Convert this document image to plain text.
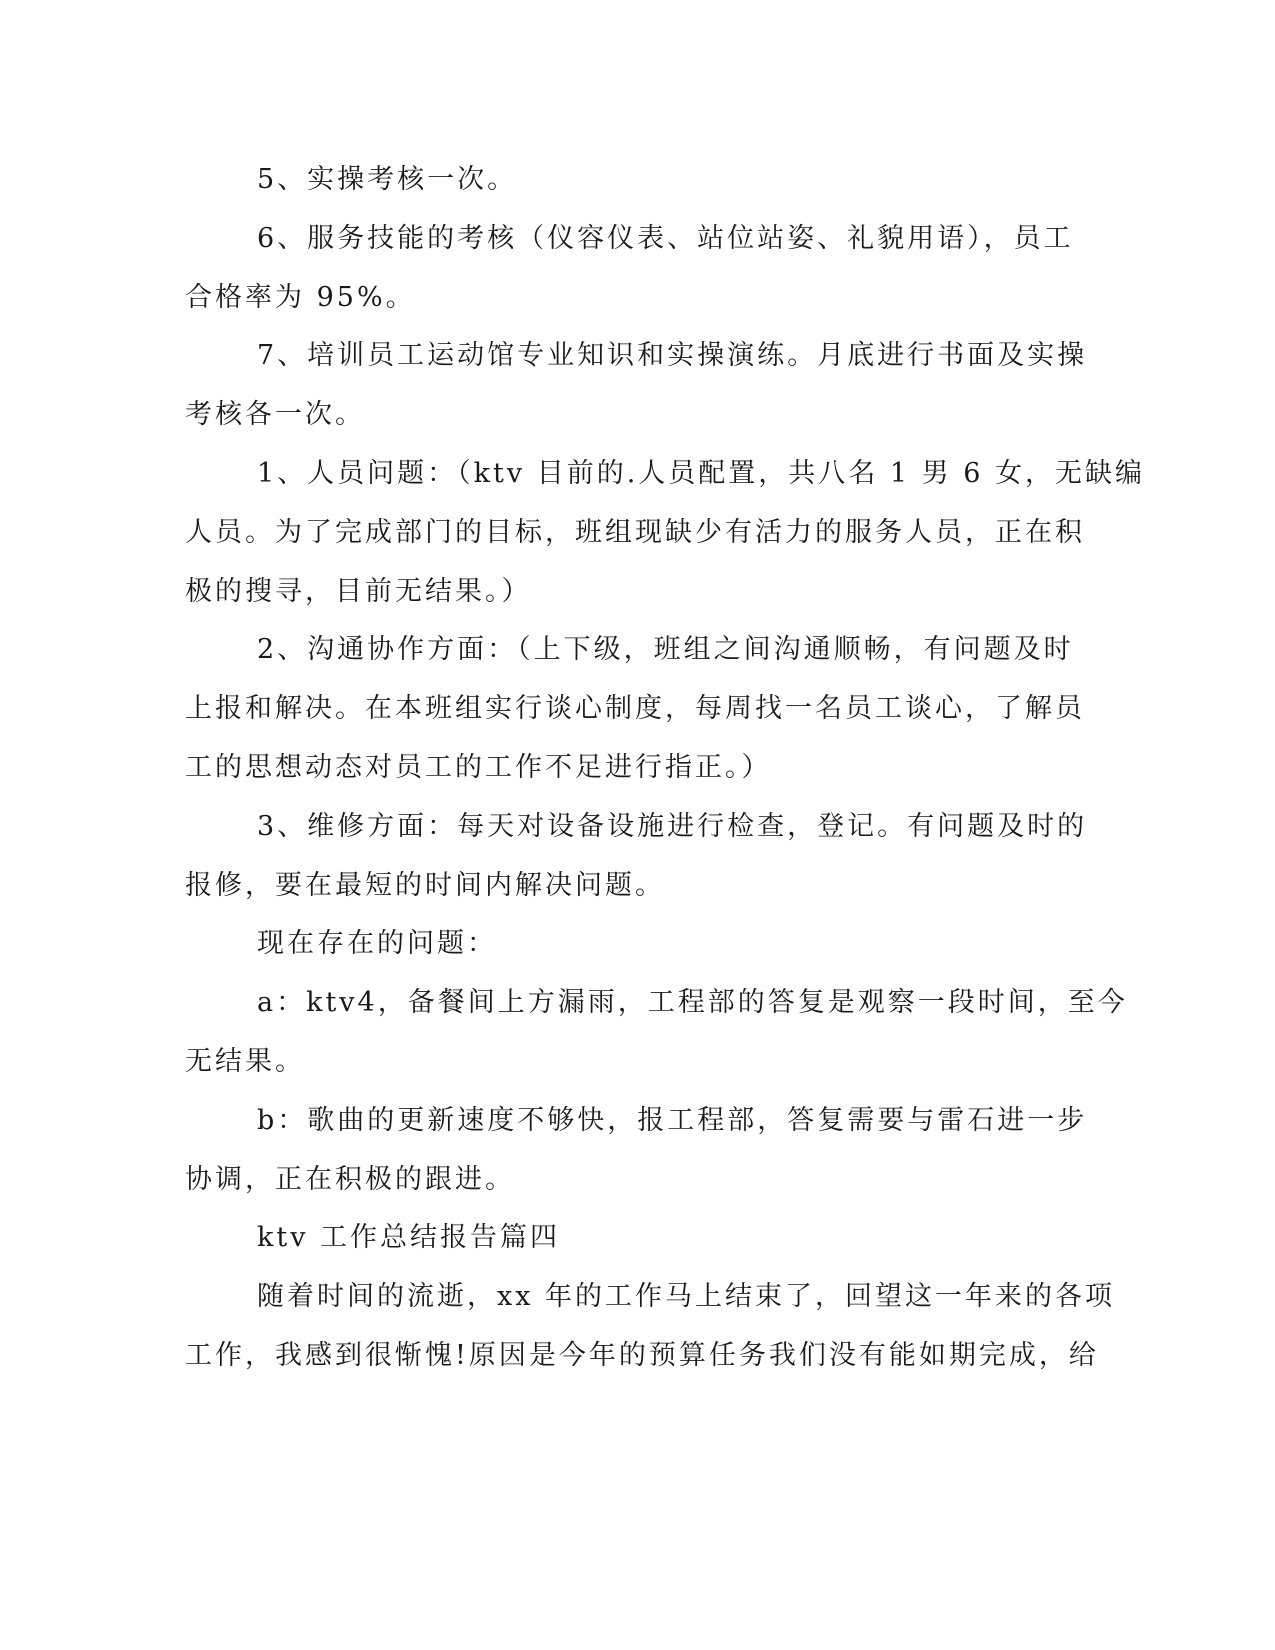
5、实操考核一次。
6、服务技能的考核（仪容仪表、站位站姿、礼貌用语），员工
合格率为 95%。
7、培训员工运动馆专业知识和实操演练。月底进行书面及实操
考核各一次。
1、人员问题：（ktv 目前的.人员配置，共八名 1 男 6 女，无缺编
人员。为了完成部门的目标，班组现缺少有活力的服务人员，正在积
极的搜寻，目前无结果。）
2、沟通协作方面：（上下级，班组之间沟通顺畅，有问题及时
上报和解决。在本班组实行谈心制度，每周找一名员工谈心，了解员
工的思想动态对员工的工作不足进行指正。）
3、维修方面：每天对设备设施进行检查，登记。有问题及时的
报修，要在最短的时间内解决问题。
现在存在的问题：
a：ktv4，备餐间上方漏雨，工程部的答复是观察一段时间，至今
无结果。
b：歌曲的更新速度不够快，报工程部，答复需要与雷石进一步
协调，正在积极的跟进。
ktv 工作总结报告篇四
随着时间的流逝，xx 年的工作马上结束了，回望这一年来的各项
工作，我感到很惭愧!原因是今年的预算任务我们没有能如期完成，给
